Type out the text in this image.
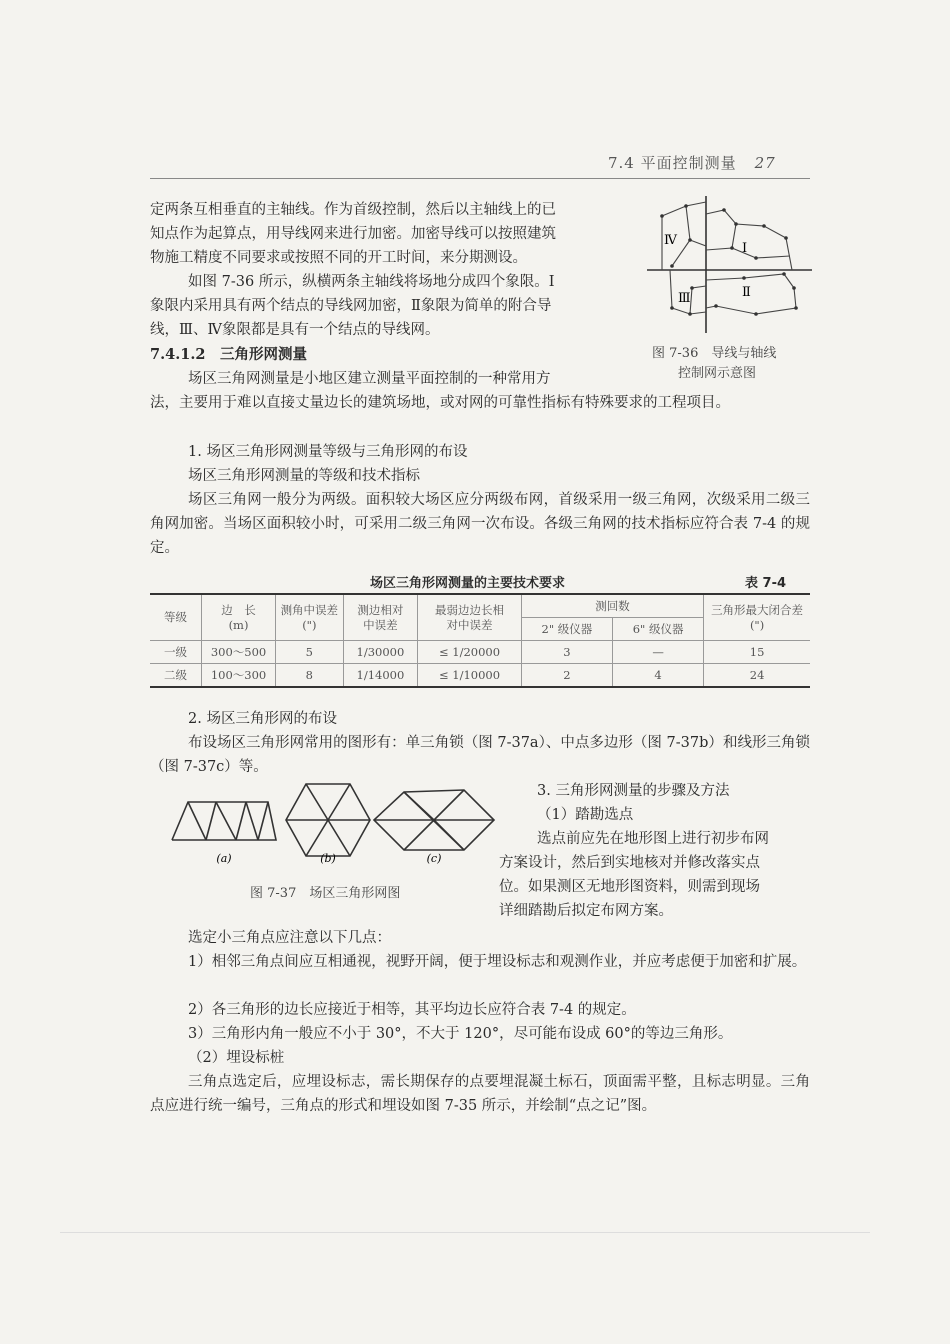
7.4 平面控制测量 27
定两条互相垂直的主轴线。作为首级控制，然后以主轴线上的已
知点作为起算点，用导线网来进行加密。加密导线可以按照建筑
物施工精度不同要求或按照不同的开工时间，来分期测设。
如图 7-36 所示，纵横两条主轴线将场地分成四个象限。Ⅰ
象限内采用具有两个结点的导线网加密，Ⅱ象限为简单的附合导
线，Ⅲ、Ⅳ象限都是具有一个结点的导线网。
7.4.1.2　三角形网测量
Ⅳ
Ⅰ
Ⅲ	Ⅱ
图 7-36　导线与轴线
控制网示意图
场区三角网测量是小地区建立测量平面控制的一种常用方

法，主要用于难以直接丈量边长的建筑场地，或对网的可靠性指标有特殊要求的工程项目。

1. 场区三角形网测量等级与三角形网的布设
场区三角形网测量的等级和技术指标

场区三角网一般分为两级。面积较大场区应分两级布网，首级采用一级三角网，次级采用二级三角网加密。当场区面积较小时，可采用二级三角网一次布设。各级三角网的技术指标应符合表 7-4 的规定。

场区三角形网测量的主要技术要求	表 7-4
等级	边　长
(m)	测角中误差
(")	测边相对
中误差	最弱边边长相
对中误差	测回数		三角形最大闭合差
(")
					2" 级仪器	6" 级仪器	
一级	300～500	5	1/30000	≤ 1/20000	3	—	15
二级	100～300	8	1/14000	≤ 1/10000	2	4	24
2. 场区三角形网的布设

布设场区三角形网常用的图形有：单三角锁（图 7-37a）、中点多边形（图 7-37b）和线形三角锁（图 7-37c）等。

(a)	(b)	(c)
图 7-37　场区三角形网图
3. 三角形网测量的步骤及方法
（1）踏勘选点
选点前应先在地形图上进行初步布网
方案设计，然后到实地核对并修改落实点
位。如果测区无地形图资料，则需到现场
详细踏勘后拟定布网方案。
选定小三角点应注意以下几点：

1）相邻三角点间应互相通视，视野开阔，便于埋设标志和观测作业，并应考虑便于加密和扩展。

2）各三角形的边长应接近于相等，其平均边长应符合表 7-4 的规定。
3）三角形内角一般应不小于 30°，不大于 120°，尽可能布设成 60°的等边三角形。
（2）埋设标桩

三角点选定后，应埋设标志，需长期保存的点要埋混凝土标石，顶面需平整，且标志明显。三角点应进行统一编号，三角点的形式和埋设如图 7-35 所示，并绘制“点之记”图。
